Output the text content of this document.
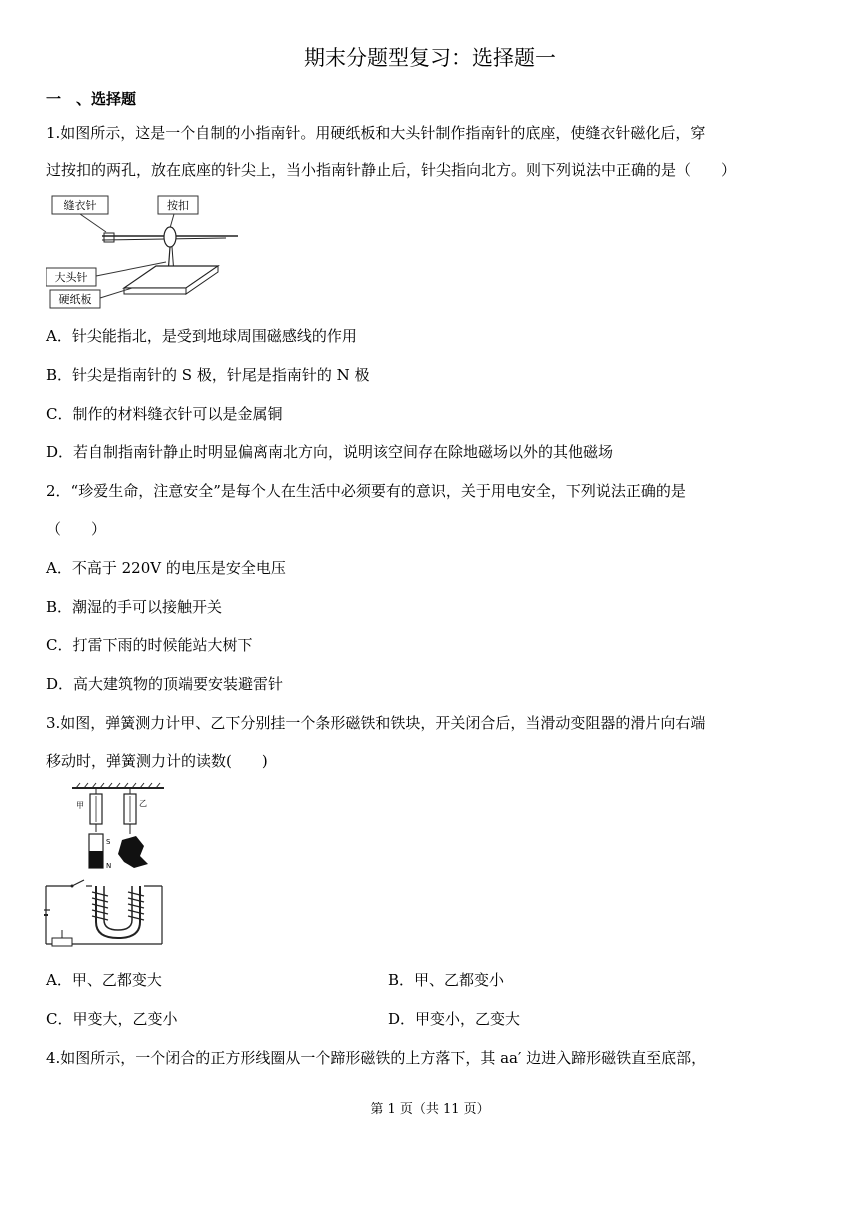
期末分题型复习：选择题一
一　、选择题
1.如图所示，这是一个自制的小指南针。用硬纸板和大头针制作指南针的底座，使缝衣针磁化后，穿
过按扣的两孔，放在底座的针尖上，当小指南针静止后，针尖指向北方。则下列说法中正确的是（　　）
缝衣针	按扣
大头针
硬纸板
A．针尖能指北，是受到地球周围磁感线的作用
B．针尖是指南针的 S 极，针尾是指南针的 N 极
C．制作的材料缝衣针可以是金属铜
D．若自制指南针静止时明显偏离南北方向，说明该空间存在除地磁场以外的其他磁场
2．“珍爱生命，注意安全”是每个人在生活中必须要有的意识，关于用电安全，下列说法正确的是
（　　）
A．不高于 220V 的电压是安全电压
B．潮湿的手可以接触开关
C．打雷下雨的时候能站大树下
D．高大建筑物的顶端要安装避雷针
3.如图，弹簧测力计甲、乙下分别挂一个条形磁铁和铁块，开关闭合后，当滑动变阻器的滑片向右端
移动时，弹簧测力计的读数(　　)
甲
S
N
乙
A．甲、乙都变大	B．甲、乙都变小
C．甲变大，乙变小	D．甲变小，乙变大
4.如图所示，一个闭合的正方形线圈从一个蹄形磁铁的上方落下，其 aa′ 边进入蹄形磁铁直至底部，
第 1 页（共 11 页）
